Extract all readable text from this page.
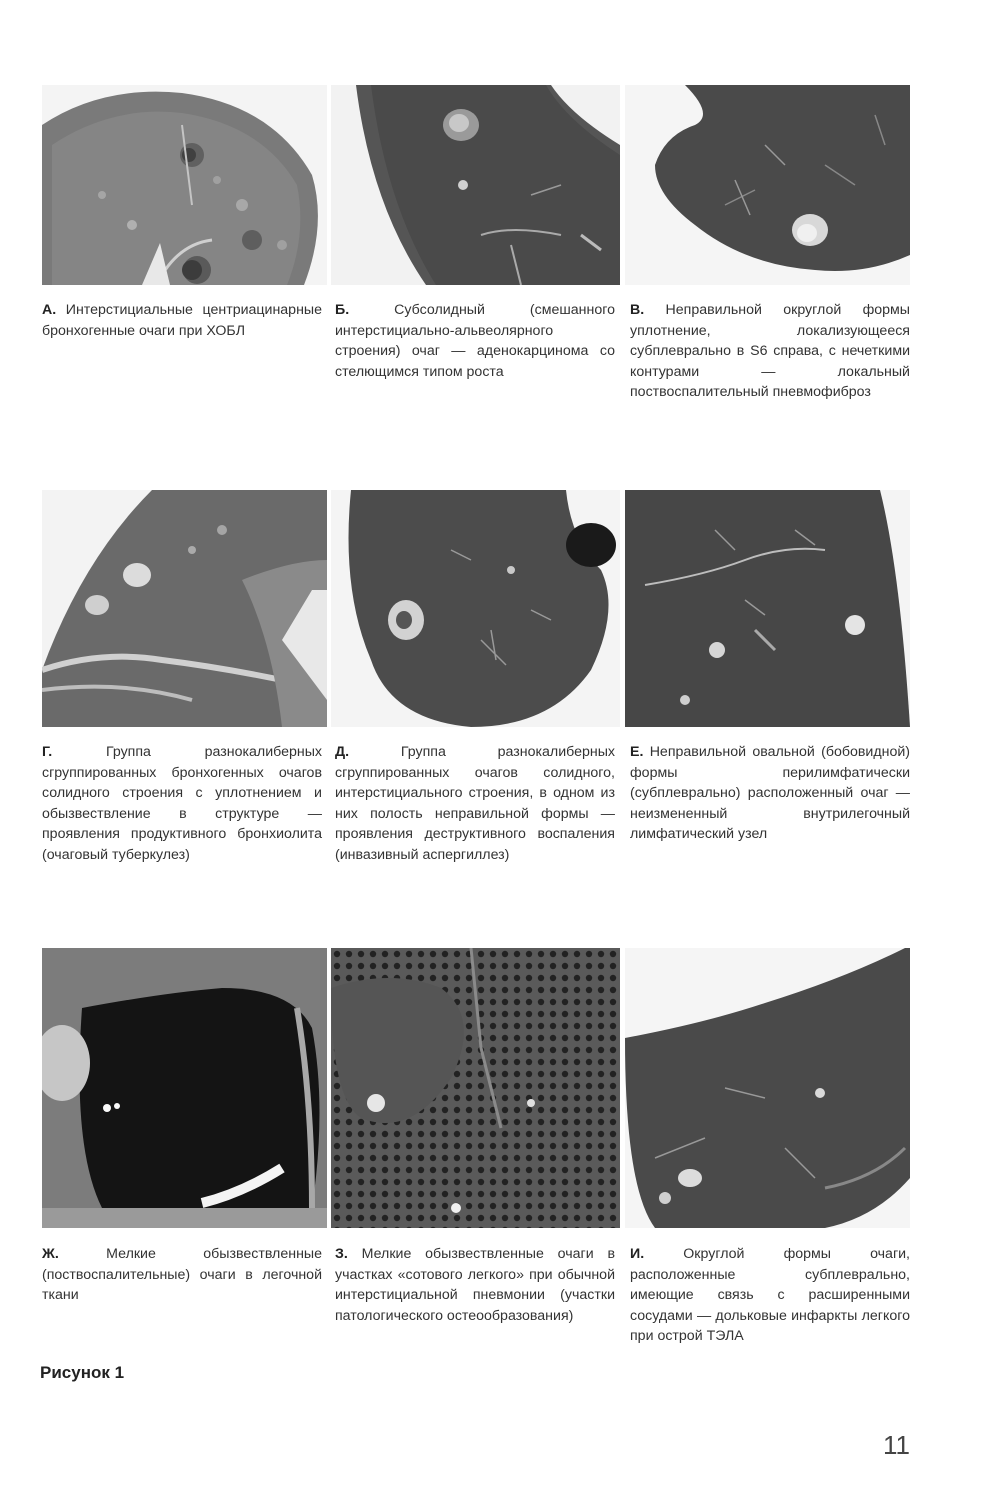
А. Интерстициальные центриацинарные бронхогенные очаги при ХОБЛ
Б.	Субсолидный (смешанного интерстициально-альвеолярного строения) очаг — аденокарцинома со стелющимся типом роста
В. Неправильной округлой формы уплотнение, локализующееся субплеврально в S6 справа, с нечеткими контурами — локальный поствоспалительный пневмофиброз
Г.	Группа разнокалиберных сгруппированных бронхогенных очагов солидного строения с уплотнением и обызвествление в структуре — проявления продуктивного бронхиолита (очаговый туберкулез)
Д.	Группа разнокалиберных сгруппированных очагов солидного, интерстициального строения, в одном из них полость неправильной формы — проявления деструктивного воспаления (инвазивный аспергиллез)
Е. Неправильной овальной (бобовидной) формы перилимфатически (субплеврально) расположенный очаг — неизмененный внутрилегочный лимфатический узел
Ж.	Мелкие обызвествленные (поствоспалительные) очаги в легочной ткани
З. Мелкие обызвествленные очаги в участках «сотового легкого» при обычной интерстициальной пневмонии (участки патологического остеообразования)
И.	Округлой формы очаги, расположенные субплеврально, имеющие связь с расширенными сосудами — дольковые инфаркты легкого при острой ТЭЛА
Рисунок 1
11
